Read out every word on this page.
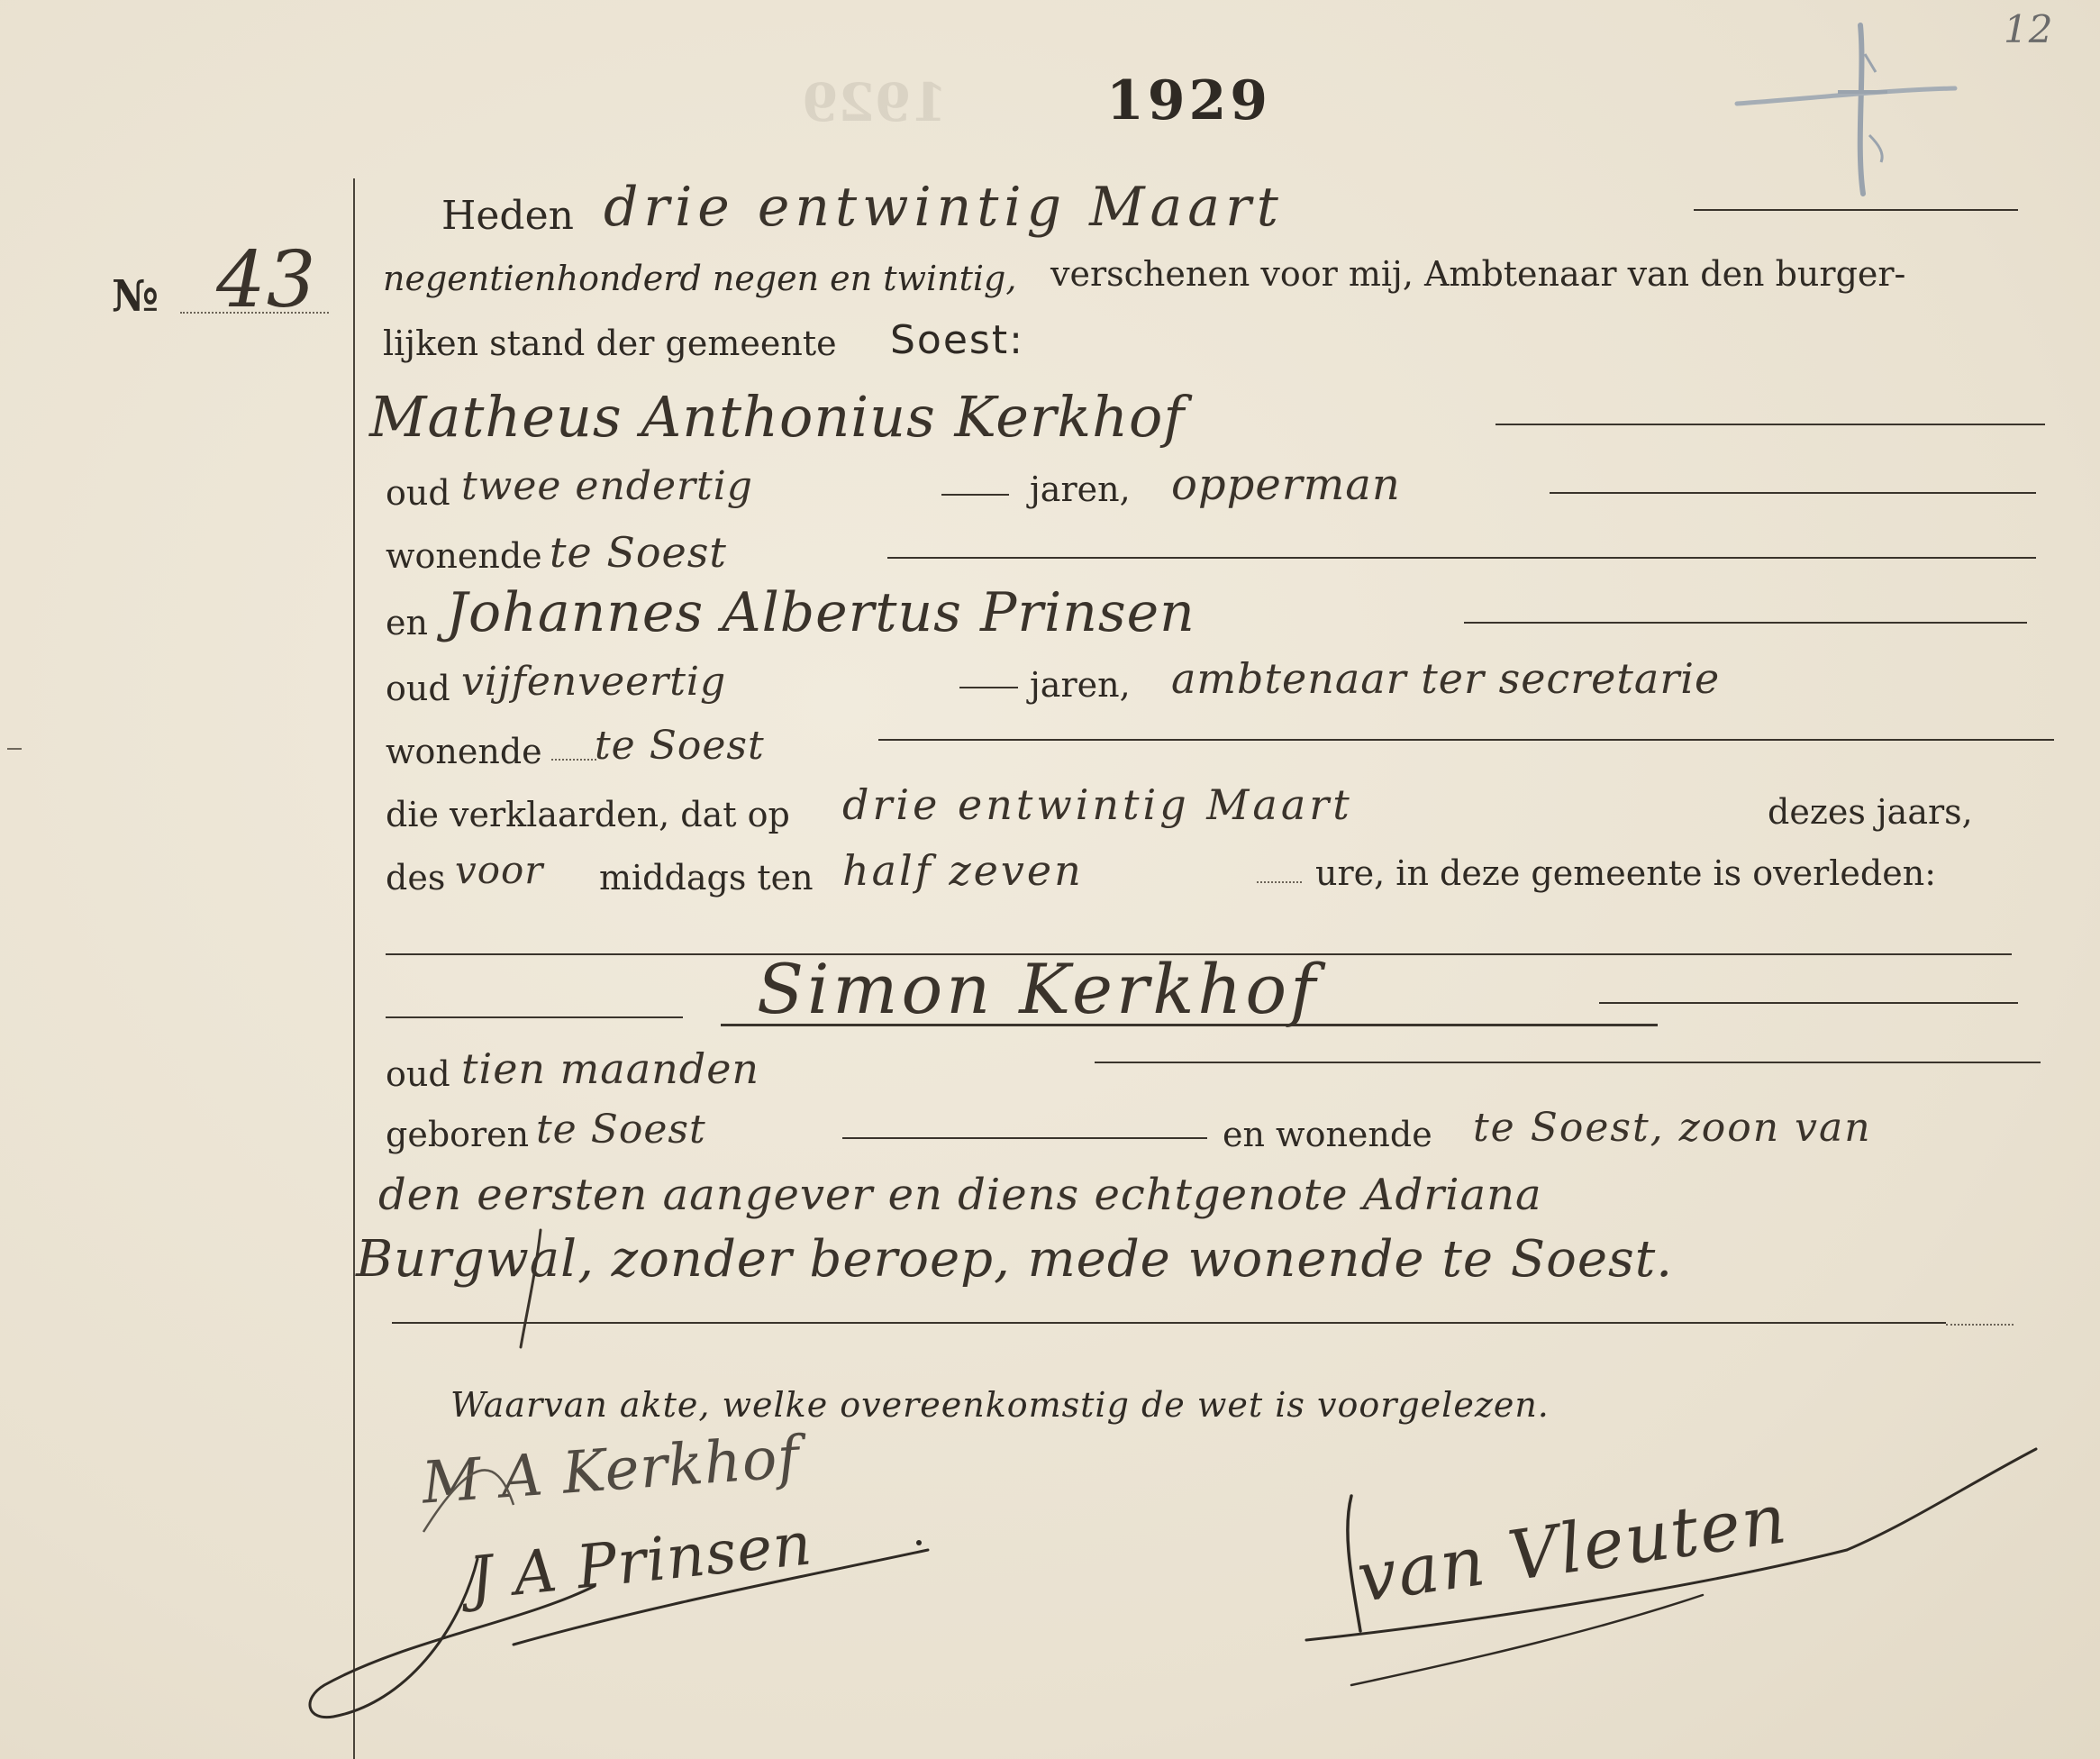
1929	1929
12
№ 43
Heden drie entwintig Maart
negentienhonderd negen en twintig, verschenen voor mij, Ambtenaar van den burger-
lijken stand der gemeente Soest:
Matheus Anthonius Kerkhof
oud twee endertig	jaren, opperman
wonende te Soest
en Johannes Albertus Prinsen
oud vijfenveertig	jaren, ambtenaar ter secretarie
wonende te Soest
die verklaarden, dat op drie entwintig Maart	dezes jaars,
des voor middags ten half zeven	ure, in deze gemeente is overleden:
Simon Kerkhof
oud tien maanden
geboren te Soest	en wonende te Soest, zoon van
den eersten aangever en diens echtgenote Adriana
Burgwal, zonder beroep, mede wonende te Soest.
Waarvan akte, welke overeenkomstig de wet is voorgelezen.
M A Kerkhof
J A Prinsen	van Vleuten
